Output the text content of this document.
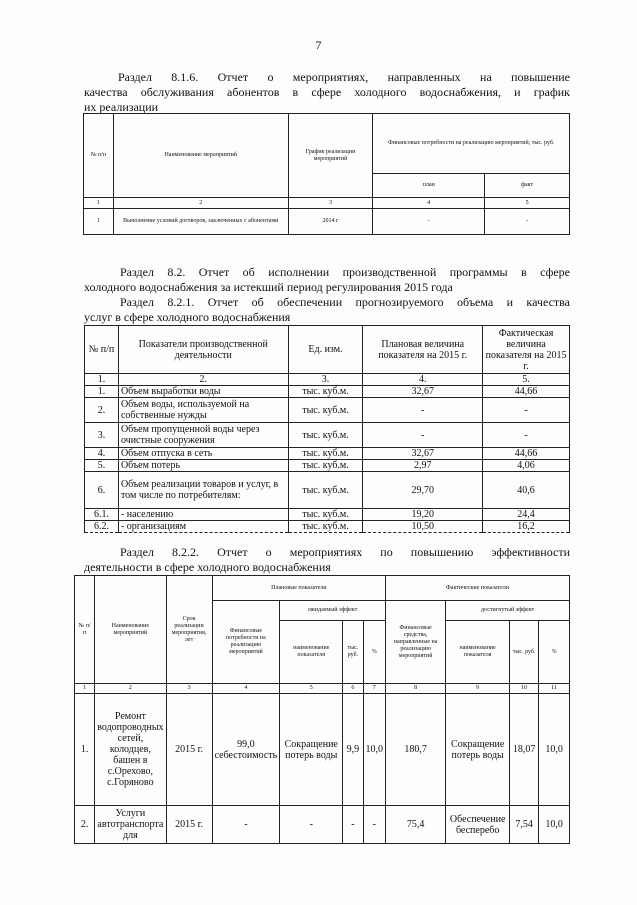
7
Раздел 8.1.6. Отчет о мероприятиях, направленных на повышение
качества обслуживания абонентов в сфере холодного водоснабжения, и график
их реализации
№ п/п	Наименование мероприятий	График реализации мероприятий	Финансовые потребности на реализацию мероприятий, тыс. руб.	
			план	факт
1	2	3	4	5
1	Выполнение условий договоров, заключенных с абонентами	2014 г	-	-
Раздел 8.2. Отчет об исполнении производственной программы в сфере
холодного водоснабжения за истекший период регулирования 2015 года
Раздел 8.2.1. Отчет об обеспечении прогнозируемого объема и качества
услуг в сфере холодного водоснабжения
№ п/п	Показатели производственной деятельности	Ед. изм.	Плановая величина показателя на 2015 г.	Фактическая величина показателя на 2015 г.
1.	2.	3.	4.	5.
1.	Объем выработки воды	тыс. куб.м.	32,67	44,66
2.	Объем воды, используемой на собственные нужды	тыс. куб.м.	-	-
3.	Объем пропущенной воды через очистные сооружения	тыс. куб.м.	-	-
4.	Объем отпуска в сеть	тыс. куб.м.	32,67	44,66
5.	Объем потерь	тыс. куб.м.	2,97	4,06
6.	Объем реализации товаров и услуг, в том числе по потребителям:	тыс. куб.м.	29,70	40,6
6.1.	- населению	тыс. куб.м.	19,20	24,4
6.2.	- организациям	тыс. куб.м.	10,50	16,2
Раздел 8.2.2. Отчет о мероприятиях по повышению эффективности
деятельности в сфере холодного водоснабжения
№ п/п	Наименование мероприятий	Срок реализации мероприятия, лет	Плановые показатели				Фактические показатели			
			Финансовые потребности на реализацию мероприятий	ожидаемый эффект			Финансовые средства, направленные на реализацию мероприятий	достигнутый эффект		
				наименование показателя	тыс. руб.	%		наименование показателя	тыс. руб.	%
1	2	3	4	5	6	7	8	9	10	11
1.	Ремонт водопроводных сетей, колодцев, башен в с.Орехово, с.Горяново	2015 г.	99,0 себестоимость	Сокращение потерь воды	9,9	10,0	180,7	Сокращение потерь воды	18,07	10,0
2.	Услуги автотранспорта для	2015 г.	-	-	-	-	75,4	Обеспечение бесперебо	7,54	10,0
